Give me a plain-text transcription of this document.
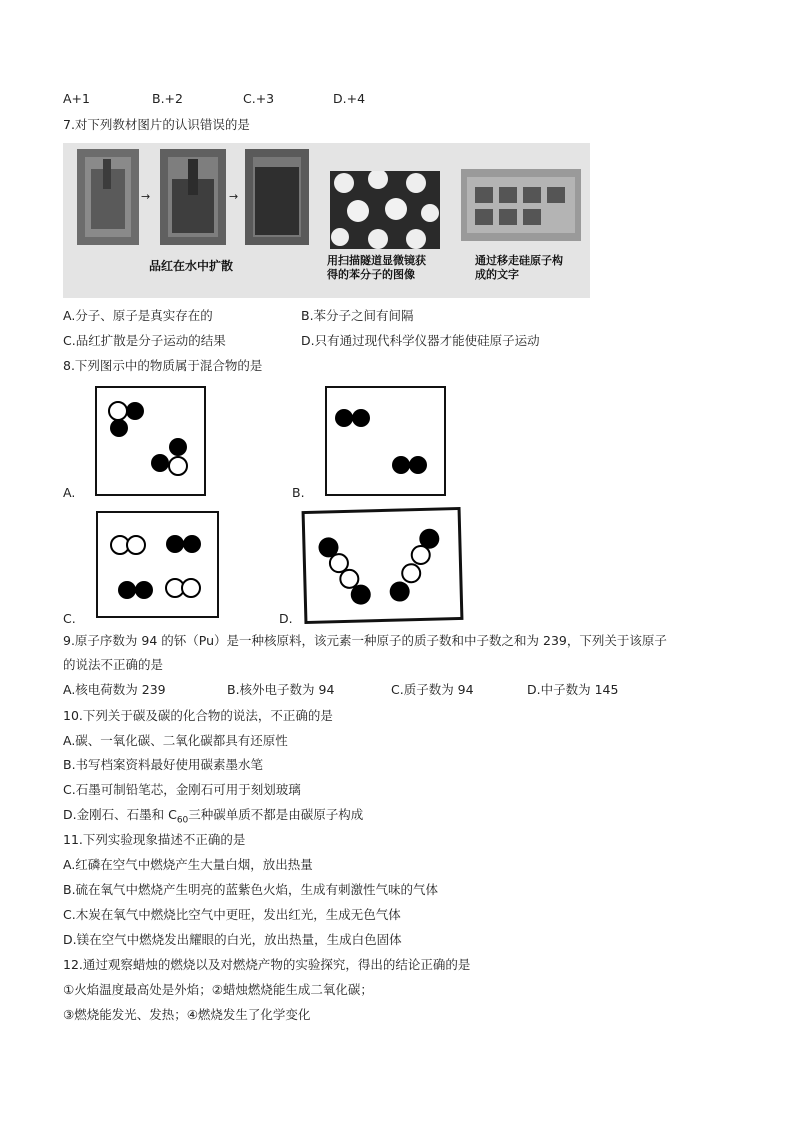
A+1	B.+2	C.+3	D.+4
7.对下列教材图片的认识错误的是
→	→
品红在水中扩散	用扫描隧道显微镜获
得的苯分子的图像
通过移走硅原子构
成的文字
A.分子、原子是真实存在的	B.苯分子之间有间隔
C.品红扩散是分子运动的结果	D.只有通过现代科学仪器才能使硅原子运动
8.下列图示中的物质属于混合物的是
A.	B.
C.	D.
9.原子序数为 94 的钚（Pu）是一种核原料，该元素一种原子的质子数和中子数之和为 239，下列关于该原子
的说法不正确的是
A.核电荷数为 239	B.核外电子数为 94	C.质子数为 94	D.中子数为 145
10.下列关于碳及碳的化合物的说法，不正确的是
A.碳、一氧化碳、二氧化碳都具有还原性
B.书写档案资料最好使用碳素墨水笔
C.石墨可制铅笔芯，金刚石可用于刻划玻璃
D.金刚石、石墨和 $C_{60}$三种碳单质不都是由碳原子构成
11.下列实验现象描述不正确的是
A.红磷在空气中燃烧产生大量白烟，放出热量
B.硫在氧气中燃烧产生明亮的蓝紫色火焰，生成有刺激性气味的气体
C.木炭在氧气中燃烧比空气中更旺，发出红光，生成无色气体
D.镁在空气中燃烧发出耀眼的白光，放出热量，生成白色固体
12.通过观察蜡烛的燃烧以及对燃烧产物的实验探究，得出的结论正确的是
①火焰温度最高处是外焰；②蜡烛燃烧能生成二氧化碳；
③燃烧能发光、发热；④燃烧发生了化学变化
